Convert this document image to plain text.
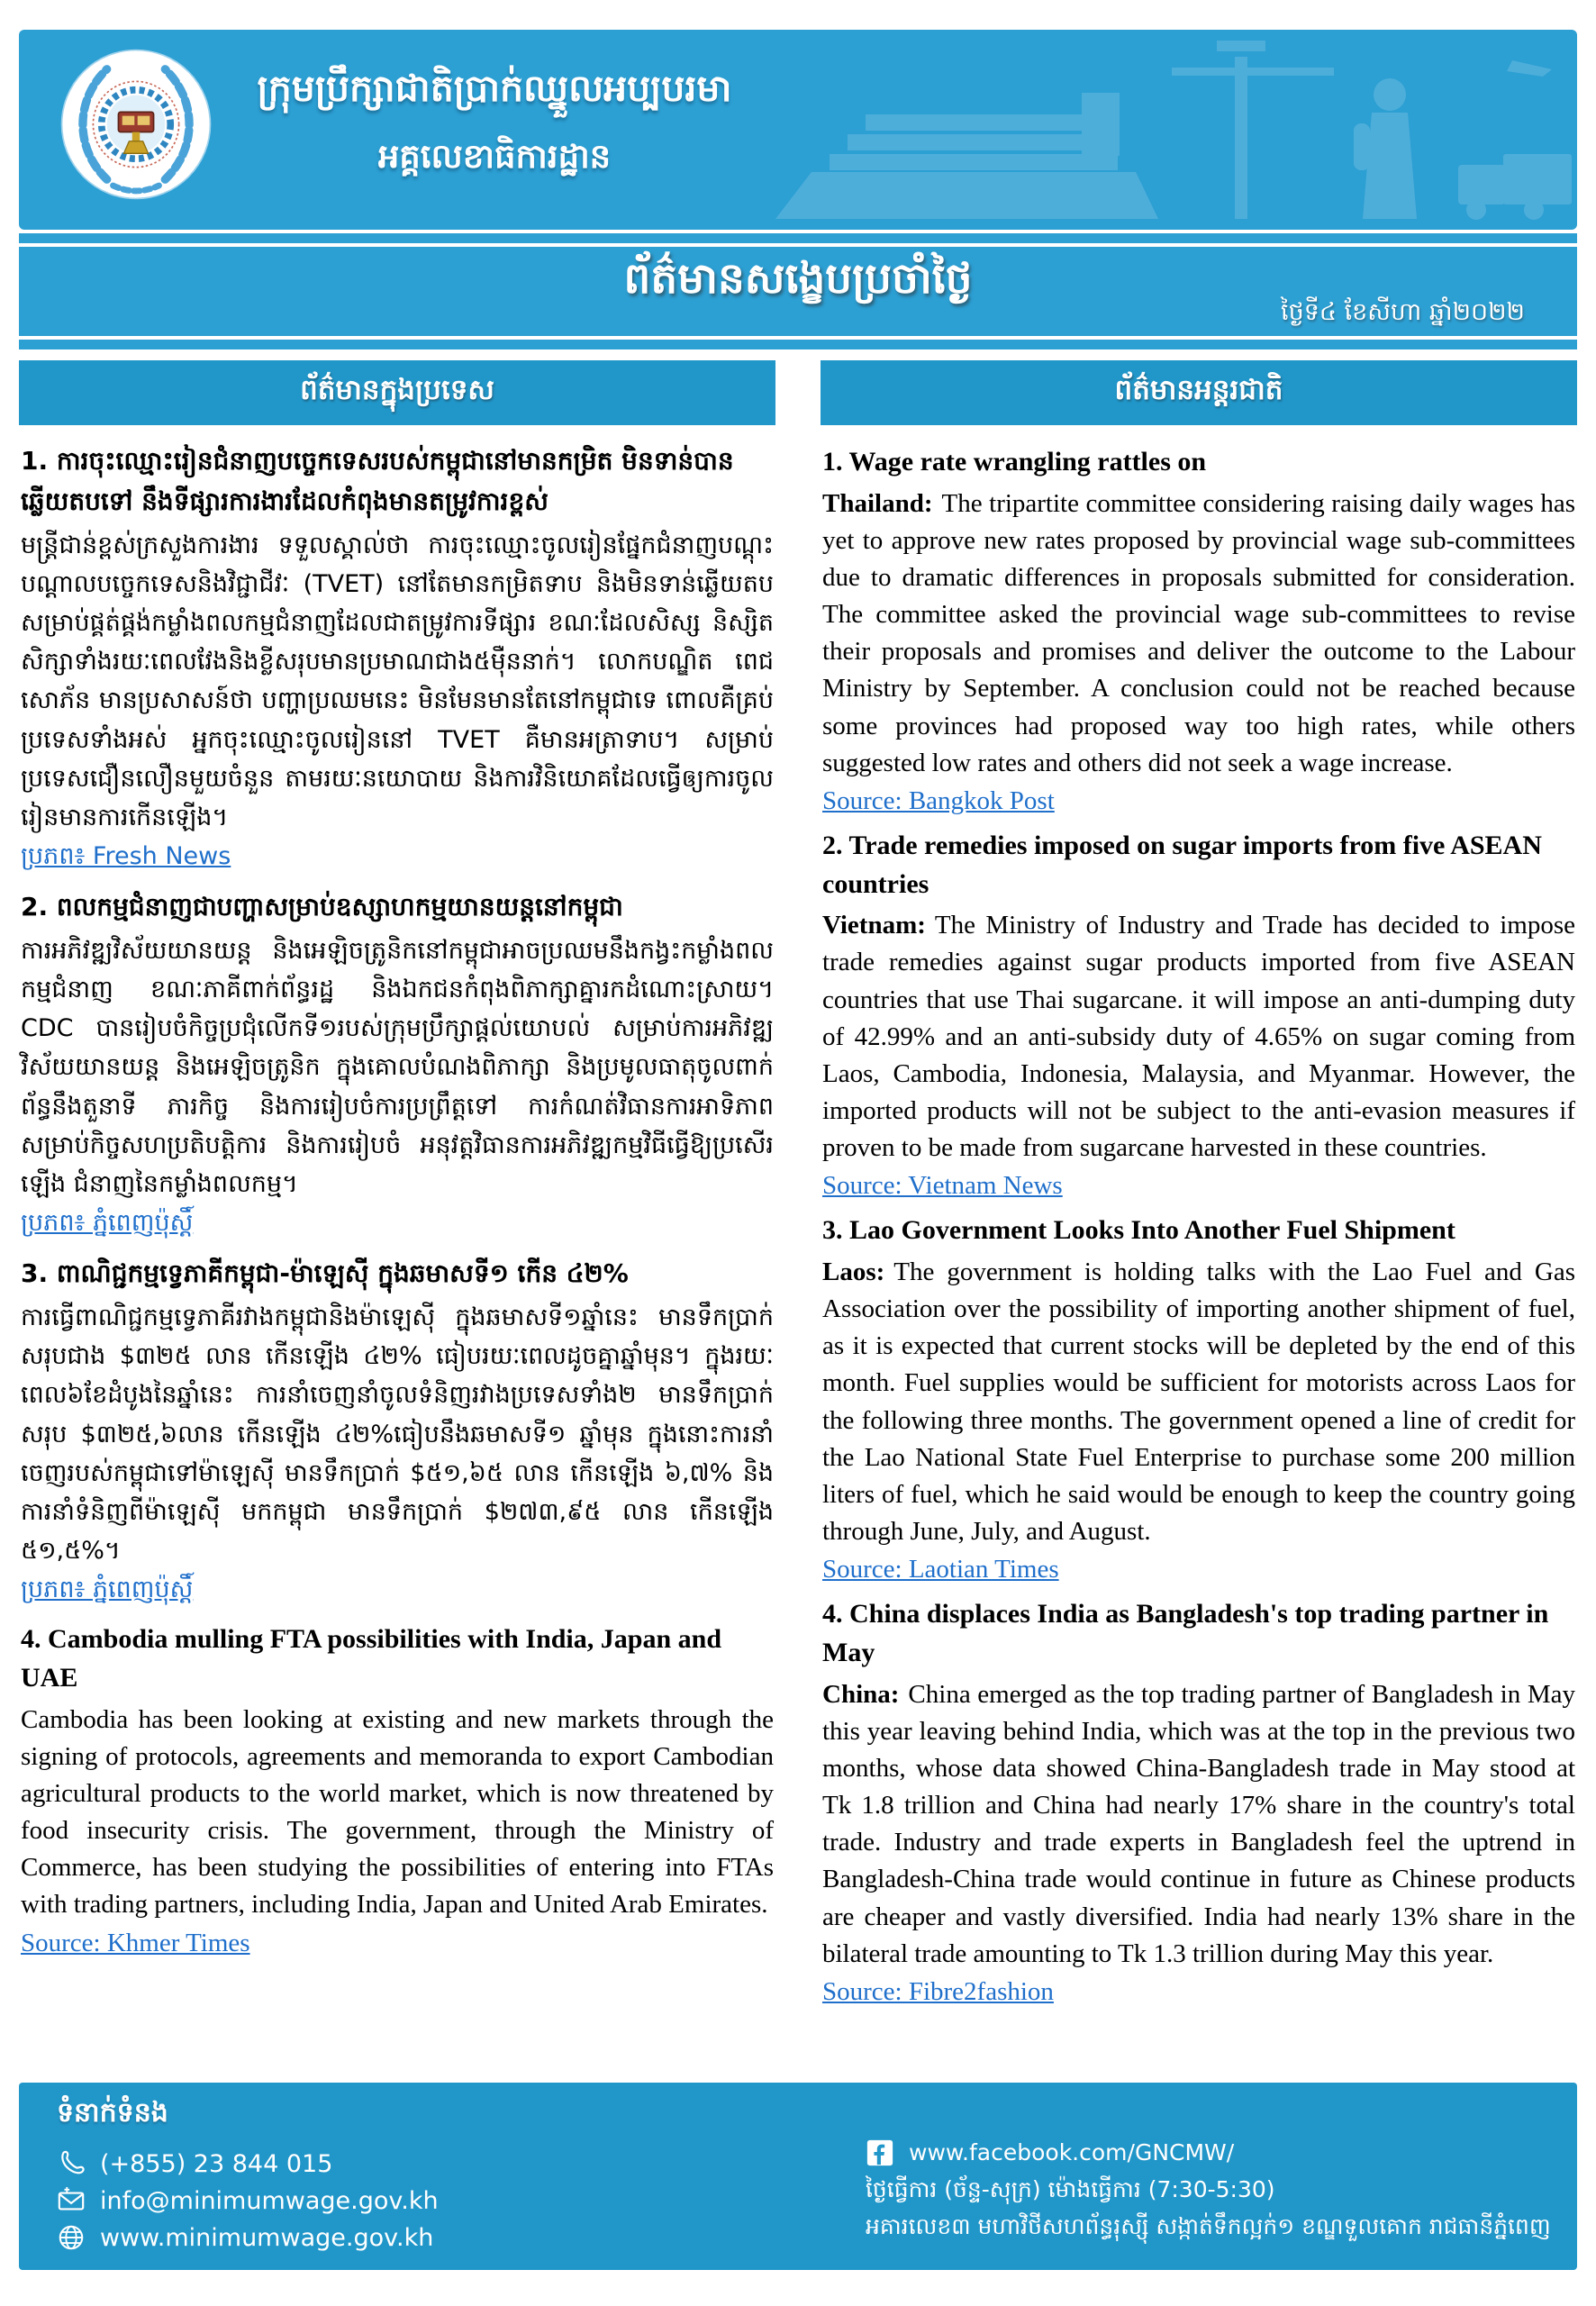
ក្រុមប្រឹក្សាជាតិប្រាក់ឈ្នួលអប្បបរមា
អគ្គលេខាធិការដ្ឋាន
ព័ត៌មានសង្ខេបប្រចាំថ្ងៃ
ថ្ងៃទី៤ ខែសីហា ឆ្នាំ២០២២
ព័ត៌មានក្នុងប្រទេស
1. ការចុះឈ្មោះរៀនជំនាញបច្ចេកទេសរបស់កម្ពុជានៅមានកម្រិត មិនទាន់បានឆ្លើយតបទៅ នឹងទីផ្សារការងារដែលកំពុងមានតម្រូវការខ្ពស់

មន្ត្រីជាន់ខ្ពស់ក្រសួងការងារ ទទួលស្គាល់ថា ការចុះឈ្មោះចូលរៀនផ្នែកជំនាញបណ្តុះបណ្តាលបច្ចេកទេសនិងវិជ្ជាជីវៈ (TVET) នៅតែមានកម្រិតទាប និងមិនទាន់ឆ្លើយតបសម្រាប់ផ្គត់ផ្គង់កម្លាំងពលកម្មជំនាញដែលជាតម្រូវការទីផ្សារ ខណៈដែលសិស្ស និស្សិតសិក្សាទាំងរយៈពេលវែងនិងខ្លីសរុបមានប្រមាណជាង៥ម៉ឺននាក់។ លោកបណ្ឌិត ពេជ សោភ័ន មានប្រសាសន៍ថា បញ្ហាប្រឈមនេះ មិនមែនមានតែនៅកម្ពុជាទេ ពោលគឺគ្រប់ប្រទេសទាំងអស់ អ្នកចុះឈ្មោះចូលរៀននៅ TVET គឺមានអត្រាទាប។ សម្រាប់ប្រទេសជឿនលឿនមួយចំនួន តាមរយៈនយោបាយ និងការវិនិយោគដែលធ្វើឲ្យការចូលរៀនមានការកើនឡើង។

ប្រភព៖ Fresh News
2. ពលកម្មជំនាញជាបញ្ហាសម្រាប់ឧស្សាហកម្មយានយន្តនៅកម្ពុជា

ការអភិវឌ្ឍវិស័យយានយន្ត និងអេឡិចត្រូនិកនៅកម្ពុជាអាចប្រឈមនឹងកង្វះកម្លាំងពលកម្មជំនាញ ខណៈភាគីពាក់ព័ន្ធរដ្ឋ និងឯកជនកំពុងពិភាក្សាគ្នារកដំណោះស្រាយ។ CDC បានរៀបចំកិច្ចប្រជុំលើកទី១របស់ក្រុមប្រឹក្សាផ្តល់យោបល់ សម្រាប់ការអភិវឌ្ឍវិស័យយានយន្ត និងអេឡិចត្រូនិក ក្នុងគោលបំណងពិភាក្សា និងប្រមូលធាតុចូលពាក់ព័ន្ធនឹងតួនាទី ភារកិច្ច និងការរៀបចំការប្រព្រឹត្តទៅ ការកំណត់វិធានការអាទិភាពសម្រាប់កិច្ចសហប្រតិបត្តិការ និងការរៀបចំ អនុវត្តវិធានការអភិវឌ្ឍកម្មវិធីធ្វើឱ្យប្រសើរឡើង ជំនាញនៃកម្លាំងពលកម្ម។

ប្រភព៖ ភ្នំពេញប៉ុស្តិ៍
3. ពាណិជ្ជកម្មទ្វេភាគីកម្ពុជា-ម៉ាឡេស៊ី ក្នុងឆមាសទី១ កើន ៤២%

ការធ្វើពាណិជ្ជកម្មទ្វេភាគីរវាងកម្ពុជានិងម៉ាឡេស៊ី ក្នុងឆមាសទី១ឆ្នាំនេះ មានទឹកប្រាក់សរុបជាង $៣២៥ លាន កើនឡើង ៤២% ធៀបរយៈពេលដូចគ្នាឆ្នាំមុន។ ក្នុងរយៈពេល៦ខែដំបូងនៃឆ្នាំនេះ ការនាំចេញនាំចូលទំនិញរវាងប្រទេសទាំង២ មានទឹកប្រាក់សរុប $៣២៥,៦លាន កើនឡើង ៤២%ធៀបនឹងឆមាសទី១ ឆ្នាំមុន ក្នុងនោះការនាំចេញរបស់កម្ពុជាទៅម៉ាឡេស៊ី មានទឹកប្រាក់ $៥១,៦៥ លាន កើនឡើង ៦,៧% និងការនាំទំនិញពីម៉ាឡេស៊ី មកកម្ពុជា មានទឹកប្រាក់ $២៧៣,៩៥ លាន កើនឡើង ៥១,៥%។

ប្រភព៖ ភ្នំពេញប៉ុស្តិ៍
4. Cambodia mulling FTA possibilities with India, Japan and UAE

Cambodia has been looking at existing and new markets through the signing of protocols, agreements and memoranda to export Cambodian agricultural products to the world market, which is now threatened by food insecurity crisis. The government, through the Ministry of Commerce, has been studying the possibilities of entering into FTAs with trading partners, including India, Japan and United Arab Emirates.

Source: Khmer Times
ព័ត៌មានអន្តរជាតិ
1. Wage rate wrangling rattles on

Thailand: The tripartite committee considering raising daily wages has yet to approve new rates proposed by provincial wage sub-committees due to dramatic differences in proposals submitted for consideration. The committee asked the provincial wage sub-committees to revise their proposals and promises and deliver the outcome to the Labour Ministry by September. A conclusion could not be reached because some provinces had proposed way too high rates, while others suggested low rates and others did not seek a wage increase.

Source: Bangkok Post
2. Trade remedies imposed on sugar imports from five ASEAN countries

Vietnam: The Ministry of Industry and Trade has decided to impose trade remedies against sugar products imported from five ASEAN countries that use Thai sugarcane. it will impose an anti-dumping duty of 42.99% and an anti-subsidy duty of 4.65% on sugar coming from Laos, Cambodia, Indonesia, Malaysia, and Myanmar. However, the imported products will not be subject to the anti-evasion measures if proven to be made from sugarcane harvested in these countries.

Source: Vietnam News
3. Lao Government Looks Into Another Fuel Shipment

Laos: The government is holding talks with the Lao Fuel and Gas Association over the possibility of importing another shipment of fuel, as it is expected that current stocks will be depleted by the end of this month. Fuel supplies would be sufficient for motorists across Laos for the following three months. The government opened a line of credit for the Lao National State Fuel Enterprise to purchase some 200 million liters of fuel, which he said would be enough to keep the country going through June, July, and August.

Source: Laotian Times
4. China displaces India as Bangladesh's top trading partner in May

China: China emerged as the top trading partner of Bangladesh in May this year leaving behind India, which was at the top in the previous two months, whose data showed China-Bangladesh trade in May stood at Tk 1.8 trillion and China had nearly 17% share in the country's total trade. Industry and trade experts in Bangladesh feel the uptrend in Bangladesh-China trade would continue in future as Chinese products are cheaper and vastly diversified. India had nearly 13% share in the bilateral trade amounting to Tk 1.3 trillion during May this year.

Source: Fibre2fashion
ទំនាក់ទំនង
(+855) 23 844 015
info@minimumwage.gov.kh
www.minimumwage.gov.kh
www.facebook.com/GNCMW/
ថ្ងៃធ្វើការ (ច័ន្ទ-សុក្រ) ម៉ោងធ្វើការ (7:30-5:30)
អគារលេខ៣ មហាវិថីសហព័ន្ធរុស្ស៊ី សង្កាត់ទឹកល្អក់១ ខណ្ឌទួលគោក រាជធានីភ្នំពេញ
